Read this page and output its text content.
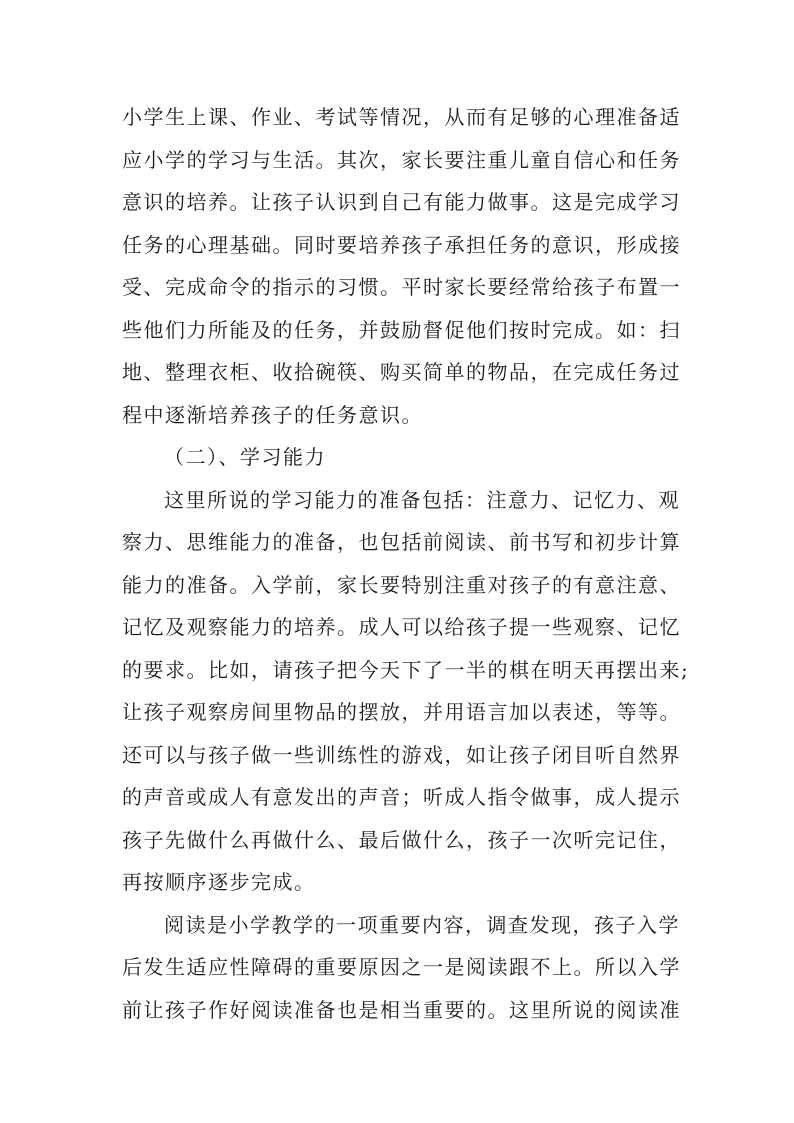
小学生上课、作业、考试等情况，从而有足够的心理准备适
应小学的学习与生活。其次，家长要注重儿童自信心和任务
意识的培养。让孩子认识到自己有能力做事。这是完成学习
任务的心理基础。同时要培养孩子承担任务的意识，形成接
受、完成命令的指示的习惯。平时家长要经常给孩子布置一
些他们力所能及的任务，并鼓励督促他们按时完成。如：扫
地、整理衣柜、收拾碗筷、购买简单的物品，在完成任务过
程中逐渐培养孩子的任务意识。
（二）、学习能力
这里所说的学习能力的准备包括：注意力、记忆力、观
察力、思维能力的准备，也包括前阅读、前书写和初步计算
能力的准备。入学前，家长要特别注重对孩子的有意注意、
记忆及观察能力的培养。成人可以给孩子提一些观察、记忆
的要求。比如，请孩子把今天下了一半的棋在明天再摆出来;
让孩子观察房间里物品的摆放，并用语言加以表述，等等。
还可以与孩子做一些训练性的游戏，如让孩子闭目听自然界
的声音或成人有意发出的声音；听成人指令做事，成人提示
孩子先做什么再做什么、最后做什么，孩子一次听完记住，
再按顺序逐步完成。
阅读是小学教学的一项重要内容，调查发现，孩子入学
后发生适应性障碍的重要原因之一是阅读跟不上。所以入学
前让孩子作好阅读准备也是相当重要的。这里所说的阅读准
